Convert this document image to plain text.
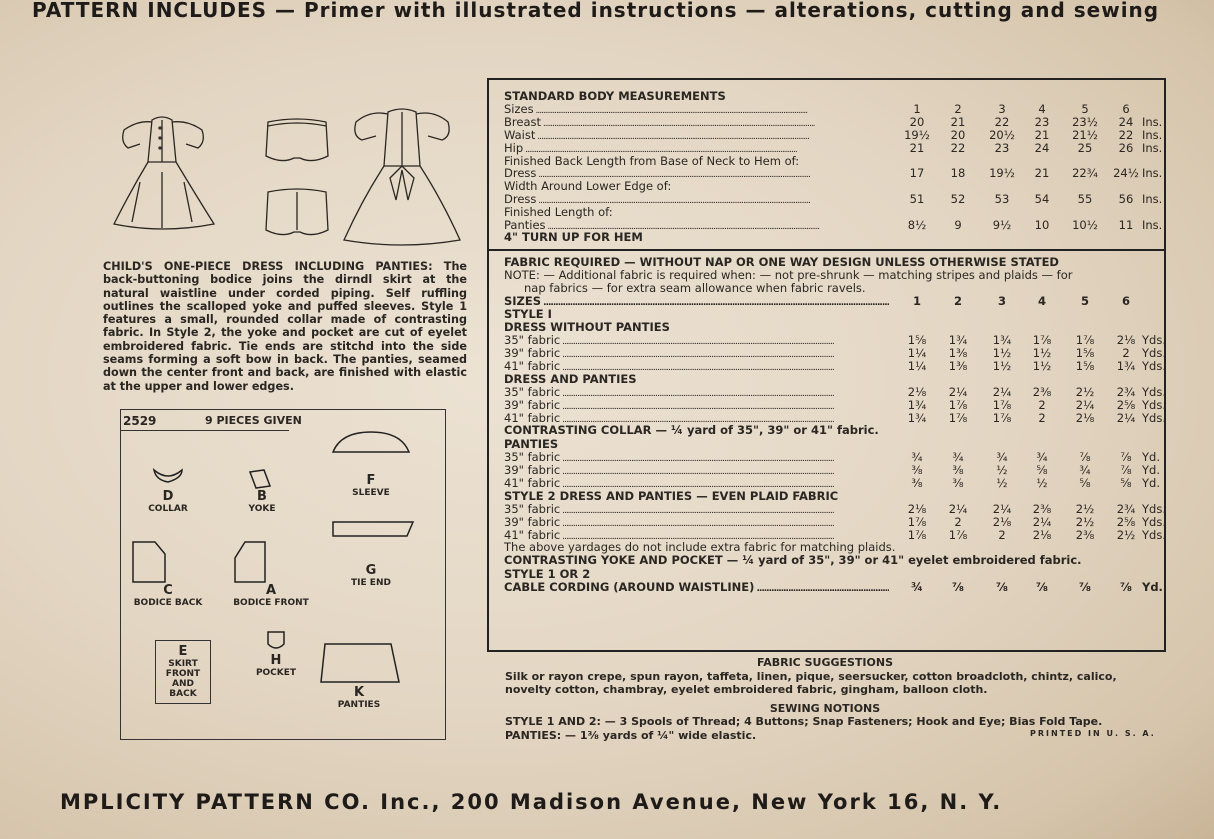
PATTERN INCLUDES — Primer with illustrated instructions — alterations, cutting and sewing
CHILD'S ONE-PIECE DRESS INCLUDING PANTIES: The back-buttoning bodice joins the dirndl skirt at the natural waistline under corded piping. Self ruffling outlines the scalloped yoke and puffed sleeves. Style 1 features a small, rounded collar made of contrasting fabric. In Style 2, the yoke and pocket are cut of eyelet embroidered fabric. Tie ends are stitchd into the side seams forming a soft bow in back. The panties, seamed down the center front and back, are finished with elastic at the upper and lower edges.
2529	9 PIECES GIVEN
D
COLLAR
B
YOKE
F
SLEEVE
C
BODICE BACK
A
BODICE FRONT
G
TIE END
E
SKIRT FRONT AND BACK
H
POCKET
K
PANTIES
STANDARD BODY MEASUREMENTS
Sizes .....	1	2	3	4	5	6
Breast .....	20	21	22	23	23½	24 Ins.
Waist .....	19½	20	20½	21	21½	22 Ins.
Hip .....	21	22	23	24	25	26 Ins.
Finished Back Length from Base of Neck to Hem of:
Dress .....	17	18	19½	21	22¾	24½ Ins.
Width Around Lower Edge of:
Dress .....	51	52	53	54	55	56 Ins.
Finished Length of:
Panties .....	8½	9	9½	10	10½	11 Ins.
4" TURN UP FOR HEM
FABRIC REQUIRED — WITHOUT NAP OR ONE WAY DESIGN UNLESS OTHERWISE STATED
NOTE: — Additional fabric is required when: — not pre-shrunk — matching stripes and plaids — for
nap fabrics — for extra seam allowance when fabric ravels.
SIZES .....	1	2	3	4	5	6
STYLE I
DRESS WITHOUT PANTIES
35" fabric .....	1⅝	1¾	1¾	1⅞	1⅞	2⅛ Yds.
39" fabric .....	1¼	1⅜	1½	1½	1⅝	2	Yds.
41" fabric .....	1¼	1⅜	1½	1½	1⅝	1¾ Yds.
DRESS AND PANTIES
35" fabric .....	2⅛	2¼	2¼	2⅜	2½	2¾ Yds.
39" fabric .....	1¾	1⅞	1⅞	2	2¼	2⅝ Yds.
41" fabric .....	1¾	1⅞	1⅞	2	2⅛	2¼ Yds.
CONTRASTING COLLAR — ¼ yard of 35", 39" or 41" fabric.
PANTIES
35" fabric .....	¾	¾	¾	¾	⅞	⅞ Yd.
39" fabric .....	⅜	⅜	½	⅝	¾	⅞ Yd.
41" fabric .....	⅜	⅜	½	½	⅝	⅝ Yd.
STYLE 2 DRESS AND PANTIES — EVEN PLAID FABRIC
35" fabric .....	2⅛	2¼	2¼	2⅜	2½	2¾ Yds.
39" fabric .....	1⅞	2	2⅛	2¼	2½	2⅝ Yds.
41" fabric .....	1⅞	1⅞	2	2⅛	2⅜	2½ Yds.
The above yardages do not include extra fabric for matching plaids.
CONTRASTING YOKE AND POCKET — ¼ yard of 35", 39" or 41" eyelet embroidered fabric.
STYLE 1 OR 2
CABLE CORDING (AROUND WAISTLINE) .....	¾	⅞	⅞	⅞	⅞	⅞ Yd.
FABRIC SUGGESTIONS
Silk or rayon crepe, spun rayon, taffeta, linen, pique, seersucker, cotton broadcloth, chintz, calico, novelty cotton, chambray, eyelet embroidered fabric, gingham, balloon cloth.
SEWING NOTIONS
STYLE 1 AND 2: — 3 Spools of Thread; 4 Buttons; Snap Fasteners; Hook and Eye; Bias Fold Tape. PANTIES: — 1⅜ yards of ¼" wide elastic.	PRINTED IN U. S. A.
MPLICITY PATTERN CO. Inc., 200 Madison Avenue, New York 16, N. Y.
